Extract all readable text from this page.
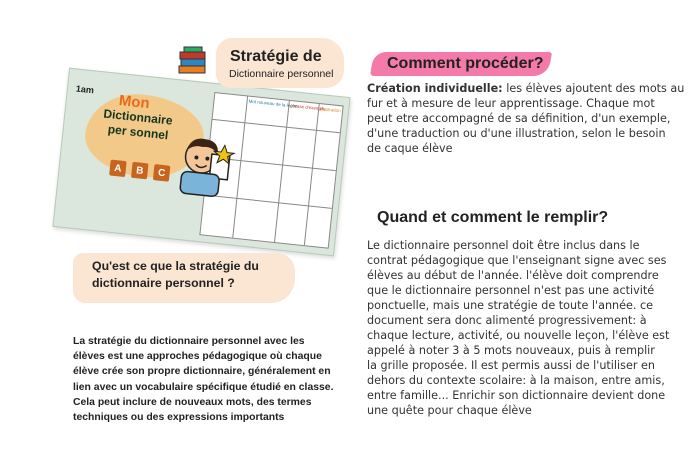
1am
Mon
Dictionnaire
per sonnel
A	B	C
Mot nouveau de la leçon
phrase d'exemple
Illustration
Stratégie de
Dictionnaire personnel
Comment procéder?
Création individuelle: les élèves ajoutent des mots au
fur et à mesure de leur apprentissage. Chaque mot
peut etre accompagné de sa définition, d'un exemple,
d'une traduction ou d'une illustration, selon le besoin
de caque élève
Quand et comment le remplir?
Le dictionnaire personnel doit être inclus dans le
contrat pédagogique que l'enseignant signe avec ses
élèves au début de l'année. l'élève doit comprendre
que le dictionnaire personnel n'est pas une activité
ponctuelle, mais une stratégie de toute l'année. ce
document sera donc alimenté progressivement: à
chaque lecture, activité, ou nouvelle leçon, l'élève est
appelé à noter 3 à 5 mots nouveaux, puis à remplir
la grille proposée. Il est permis aussi de l'utiliser en
dehors du contexte scolaire: à la maison, entre amis,
entre famille... Enrichir son dictionnaire devient done
une quête pour chaque élève
Qu'est ce que la stratégie du
dictionnaire personnel ?
La stratégie du dictionnaire personnel avec les
élèves est une approches pédagogique où chaque
élève crée son propre dictionnaire, généralement en
lien avec un vocabulaire spécifique étudié en classe.
Cela peut inclure de nouveaux mots, des termes
techniques ou des expressions importants
